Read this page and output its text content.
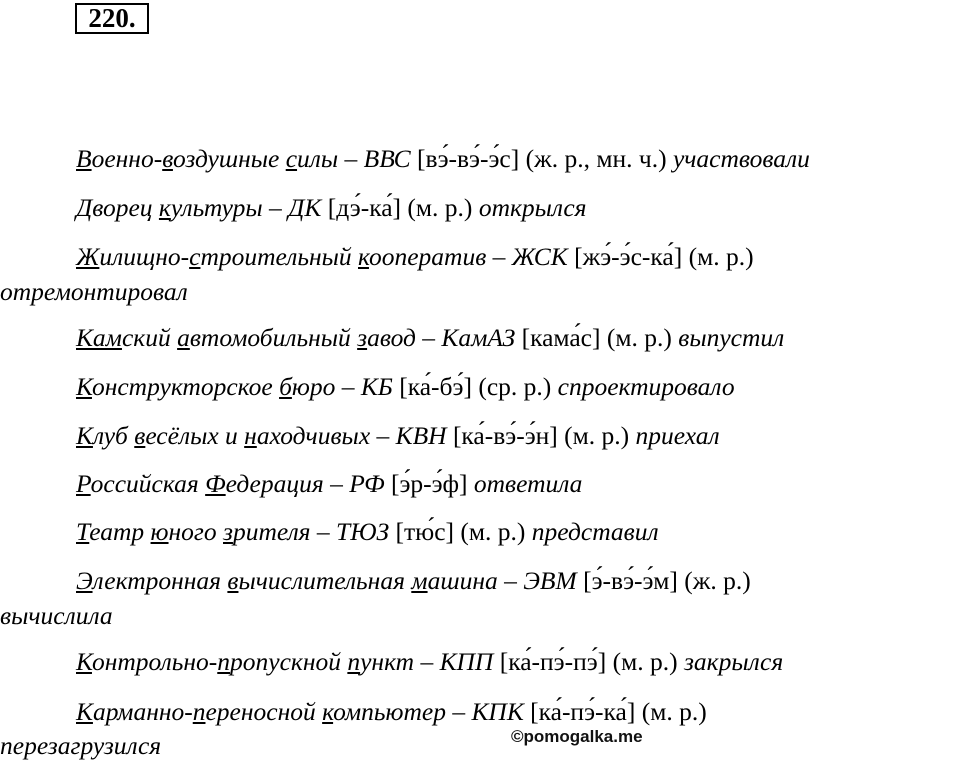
220.
Военно-воздушные силы – ВВС [вэ́-вэ́-э́с] (ж. р., мн. ч.) участвовали
Дворец культуры – ДК [дэ́-ка́] (м. р.) открылся
Жилищно-строительный кооператив – ЖСК [жэ́-э́с-ка́] (м. р.)
отремонтировал
Камский автомобильный завод – КамАЗ [кама́с] (м. р.) выпустил
Конструкторское бюро – КБ [ка́-бэ́] (ср. р.) спроектировало
Клуб весёлых и находчивых – КВН [ка́-вэ́-э́н] (м. р.) приехал
Российская Федерация – РФ [э́р-э́ф] ответила
Театр юного зрителя – ТЮЗ [тю́с] (м. р.) представил
Электронная вычислительная машина – ЭВМ [э́-вэ́-э́м] (ж. р.)
вычислила
Контрольно-пропускной пункт – КПП [ка́-пэ́-пэ́] (м. р.) закрылся
Карманно-переносной компьютер – КПК [ка́-пэ́-ка́] (м. р.)
перезагрузился	©pomogalka.me
